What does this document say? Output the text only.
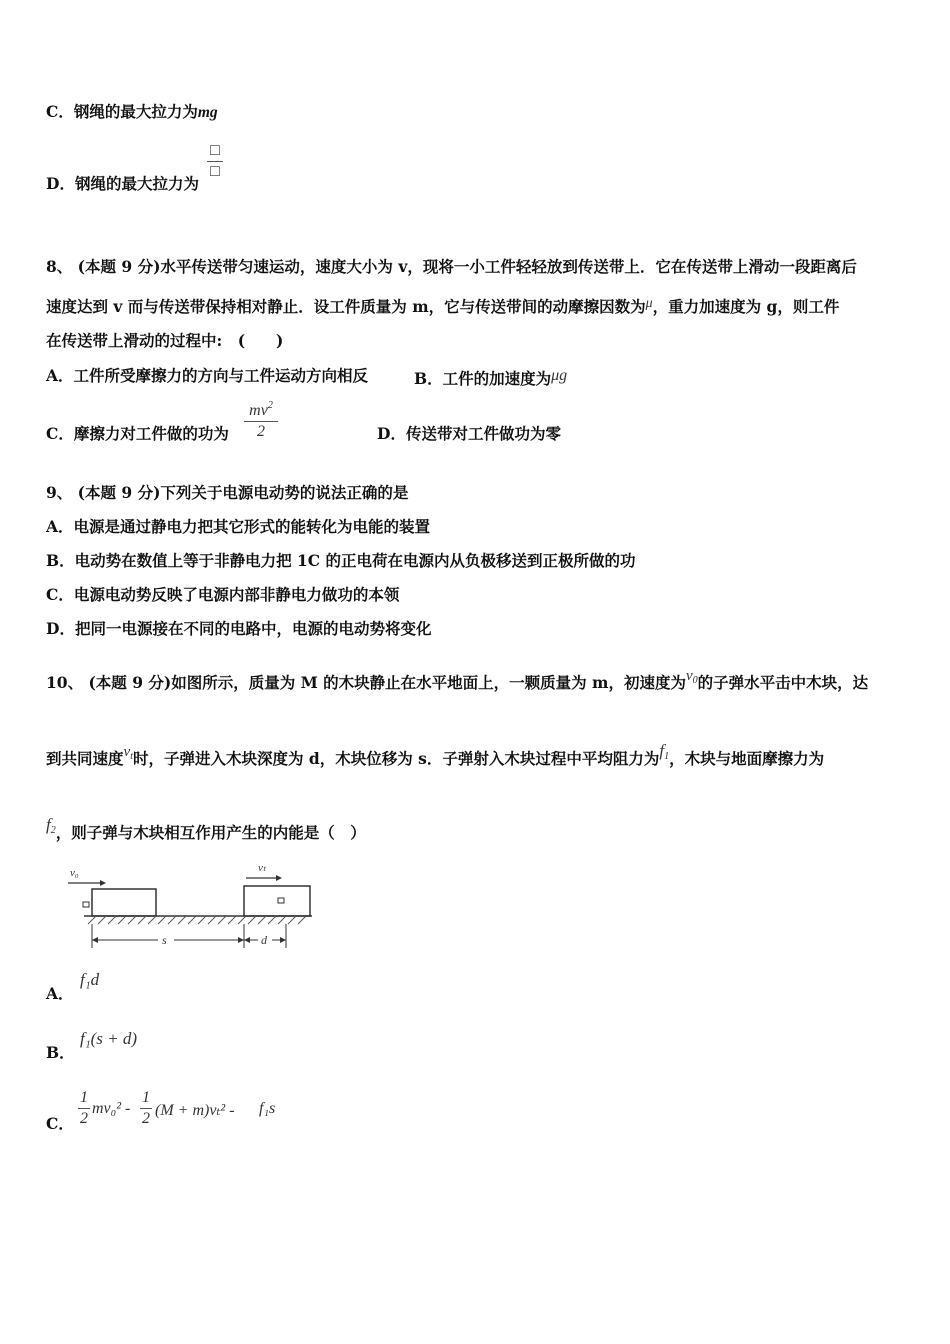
C．钢绳的最大拉力为mg
□
□
D．钢绳的最大拉力为
8、 (本题 9 分)水平传送带匀速运动，速度大小为 v，现将一小工件轻轻放到传送带上．它在传送带上滑动一段距离后
速度达到 v 而与传送带保持相对静止．设工件质量为 m，它与传送带间的动摩擦因数为μ，重力加速度为 g，则工件
在传送带上滑动的过程中:　(　　)
A．工件所受摩擦力的方向与工件运动方向相反	B．工件的加速度为μg
$mv^2$
2
C．摩擦力对工件做的功为	D．传送带对工件做功为零
9、 (本题 9 分)下列关于电源电动势的说法正确的是
A．电源是通过静电力把其它形式的能转化为电能的装置
B．电动势在数值上等于非静电力把 1C 的正电荷在电源内从负极移送到正极所做的功
C．电源电动势反映了电源内部非静电力做功的本领
D．把同一电源接在不同的电路中，电源的电动势将变化
10、 (本题 9 分)如图所示，质量为 M 的木块静止在水平地面上，一颗质量为 m，初速度为$v_0$的子弹水平击中木块，达
到共同速度$v_t$时，子弹进入木块深度为 d，木块位移为 s．子弹射入木块过程中平均阻力为$f_1$，木块与地面摩擦力为
$f_2$，则子弹与木块相互作用产生的内能是（　）
v₀	vₜ
s	d
A．
f₁d
B．
f₁(s + d)
C．
1
2
mv₀² -
1
2 (M + m)vₜ² - f₁s
